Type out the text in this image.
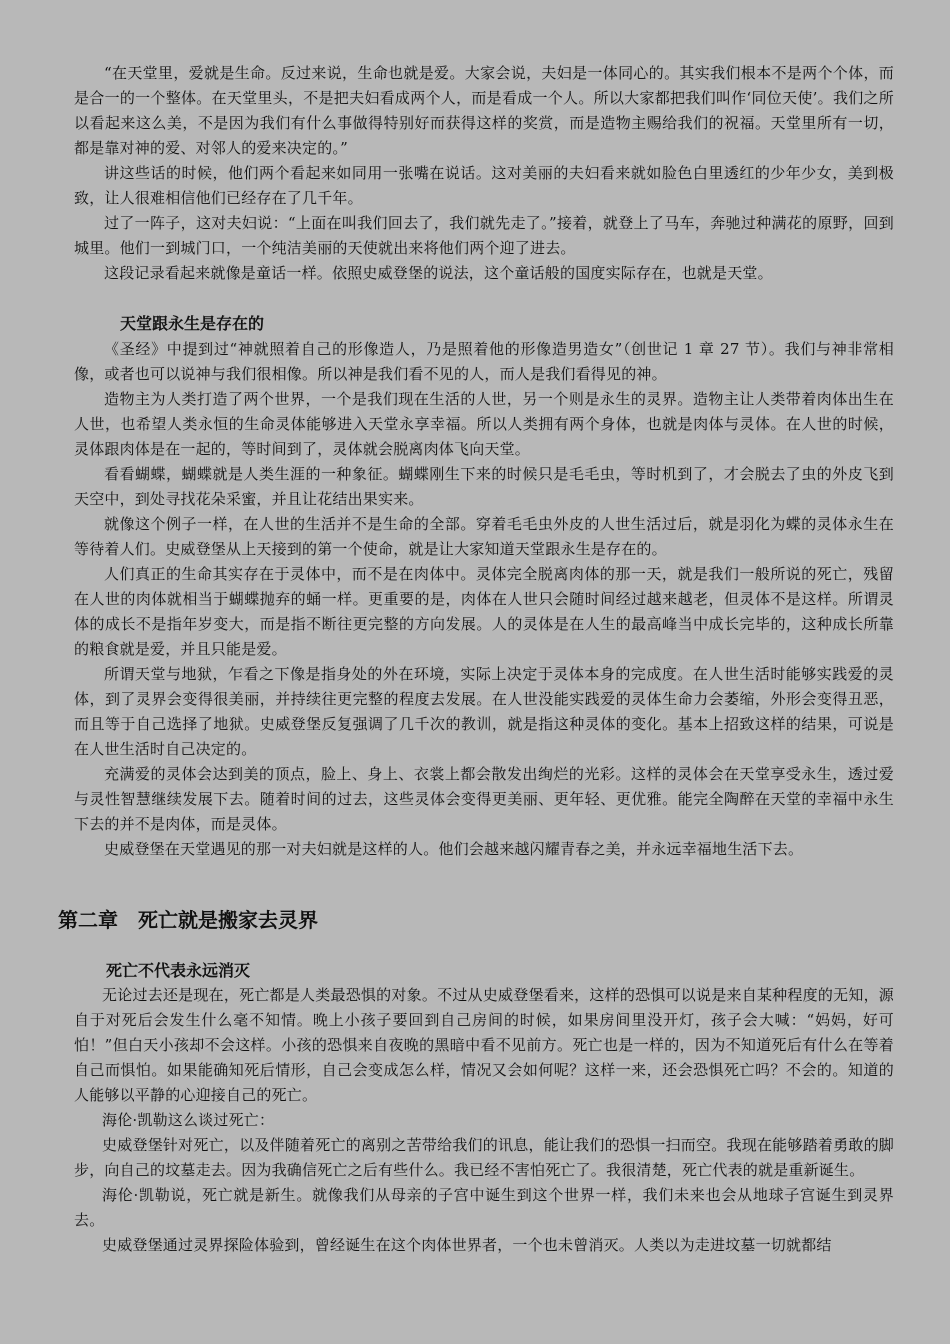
“在天堂里，爱就是生命。反过来说，生命也就是爱。大家会说，夫妇是一体同心的。其实我们根本不是两个个体，而是合一的一个整体。在天堂里头，不是把夫妇看成两个人，而是看成一个人。所以大家都把我们叫作‘同位天使’。我们之所以看起来这么美，不是因为我们有什么事做得特别好而获得这样的奖赏，而是造物主赐给我们的祝福。天堂里所有一切，都是靠对神的爱、对邻人的爱来决定的。”

讲这些话的时候，他们两个看起来如同用一张嘴在说话。这对美丽的夫妇看来就如脸色白里透红的少年少女，美到极致，让人很难相信他们已经存在了几千年。

过了一阵子，这对夫妇说：“上面在叫我们回去了，我们就先走了。”接着，就登上了马车，奔驰过种满花的原野，回到城里。他们一到城门口，一个纯洁美丽的天使就出来将他们两个迎了进去。

这段记录看起来就像是童话一样。依照史威登堡的说法，这个童话般的国度实际存在，也就是天堂。

天堂跟永生是存在的

《圣经》中提到过“神就照着自己的形像造人，乃是照着他的形像造男造女”（创世记 1 章 27 节）。我们与神非常相像，或者也可以说神与我们很相像。所以神是我们看不见的人，而人是我们看得见的神。

造物主为人类打造了两个世界，一个是我们现在生活的人世，另一个则是永生的灵界。造物主让人类带着肉体出生在人世，也希望人类永恒的生命灵体能够进入天堂永享幸福。所以人类拥有两个身体，也就是肉体与灵体。在人世的时候，灵体跟肉体是在一起的，等时间到了，灵体就会脱离肉体飞向天堂。

看看蝴蝶，蝴蝶就是人类生涯的一种象征。蝴蝶刚生下来的时候只是毛毛虫，等时机到了，才会脱去了虫的外皮飞到天空中，到处寻找花朵采蜜，并且让花结出果实来。

就像这个例子一样，在人世的生活并不是生命的全部。穿着毛毛虫外皮的人世生活过后，就是羽化为蝶的灵体永生在等待着人们。史威登堡从上天接到的第一个使命，就是让大家知道天堂跟永生是存在的。

人们真正的生命其实存在于灵体中，而不是在肉体中。灵体完全脱离肉体的那一天，就是我们一般所说的死亡，残留在人世的肉体就相当于蝴蝶抛弃的蛹一样。更重要的是，肉体在人世只会随时间经过越来越老，但灵体不是这样。所谓灵体的成长不是指年岁变大，而是指不断往更完整的方向发展。人的灵体是在人生的最高峰当中成长完毕的，这种成长所靠的粮食就是爱，并且只能是爱。

所谓天堂与地狱，乍看之下像是指身处的外在环境，实际上决定于灵体本身的完成度。在人世生活时能够实践爱的灵体，到了灵界会变得很美丽，并持续往更完整的程度去发展。在人世没能实践爱的灵体生命力会萎缩，外形会变得丑恶，而且等于自己选择了地狱。史威登堡反复强调了几千次的教训，就是指这种灵体的变化。基本上招致这样的结果，可说是在人世生活时自己决定的。

充满爱的灵体会达到美的顶点，脸上、身上、衣裳上都会散发出绚烂的光彩。这样的灵体会在天堂享受永生，透过爱与灵性智慧继续发展下去。随着时间的过去，这些灵体会变得更美丽、更年轻、更优雅。能完全陶醉在天堂的幸福中永生下去的并不是肉体，而是灵体。

史威登堡在天堂遇见的那一对夫妇就是这样的人。他们会越来越闪耀青春之美，并永远幸福地生活下去。

第二章　死亡就是搬家去灵界
死亡不代表永远消灭

无论过去还是现在，死亡都是人类最恐惧的对象。不过从史威登堡看来，这样的恐惧可以说是来自某种程度的无知，源自于对死后会发生什么毫不知情。晚上小孩子要回到自己房间的时候，如果房间里没开灯，孩子会大喊：“妈妈，好可怕！”但白天小孩却不会这样。小孩的恐惧来自夜晚的黑暗中看不见前方。死亡也是一样的，因为不知道死后有什么在等着自己而惧怕。如果能确知死后情形，自己会变成怎么样，情况又会如何呢？这样一来，还会恐惧死亡吗？不会的。知道的人能够以平静的心迎接自己的死亡。

海伦·凯勒这么谈过死亡：

史威登堡针对死亡，以及伴随着死亡的离别之苦带给我们的讯息，能让我们的恐惧一扫而空。我现在能够踏着勇敢的脚步，向自己的坟墓走去。因为我确信死亡之后有些什么。我已经不害怕死亡了。我很清楚，死亡代表的就是重新诞生。

海伦·凯勒说，死亡就是新生。就像我们从母亲的子宫中诞生到这个世界一样，我们未来也会从地球子宫诞生到灵界去。

史威登堡通过灵界探险体验到，曾经诞生在这个肉体世界者，一个也未曾消灭。人类以为走进坟墓一切就都结
